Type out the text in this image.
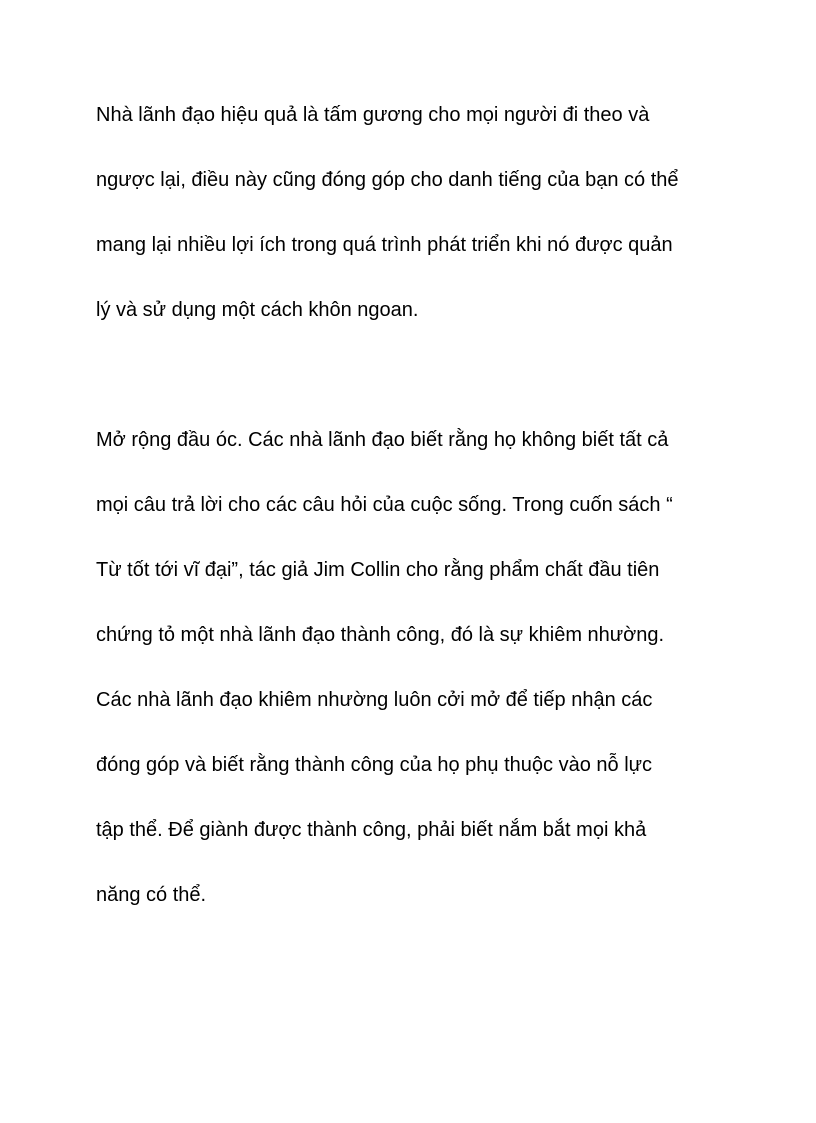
Nhà lãnh đạo hiệu quả là tấm gương cho mọi người đi theo và
ngược lại, điều này cũng đóng góp cho danh tiếng của bạn có thể
mang lại nhiều lợi ích trong quá trình phát triển khi nó được quản
lý và sử dụng một cách khôn ngoan.
Mở rộng đầu óc. Các nhà lãnh đạo biết rằng họ không biết tất cả
mọi câu trả lời cho các câu hỏi của cuộc sống. Trong cuốn sách “
Từ tốt tới vĩ đại”, tác giả Jim Collin cho rằng phẩm chất đầu tiên
chứng tỏ một nhà lãnh đạo thành công, đó là sự khiêm nhường.
Các nhà lãnh đạo khiêm nhường luôn cởi mở để tiếp nhận các
đóng góp và biết rằng thành công của họ phụ thuộc vào nỗ lực
tập thể. Để giành được thành công, phải biết nắm bắt mọi khả
năng có thể.
